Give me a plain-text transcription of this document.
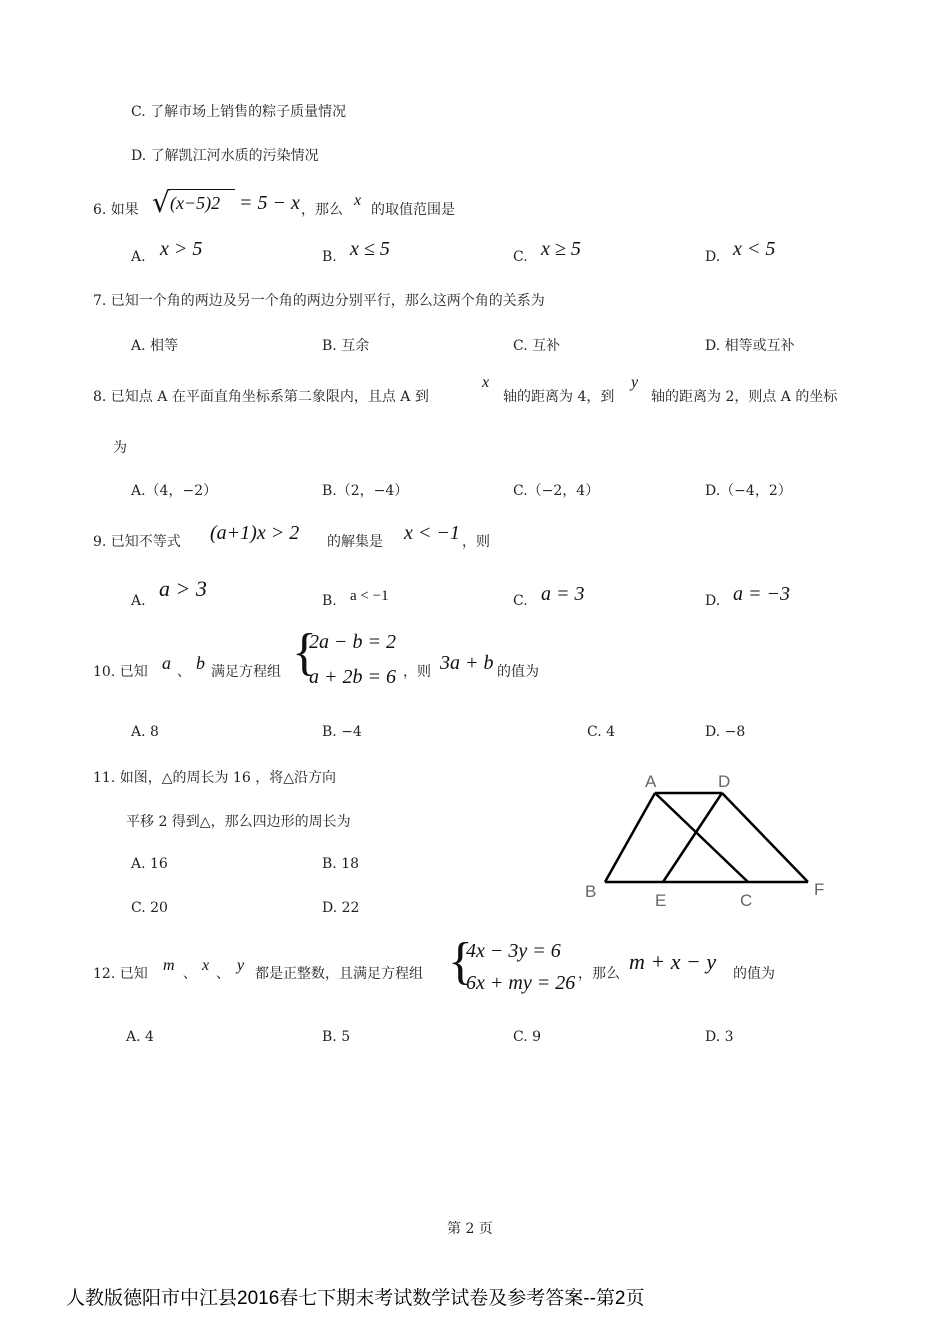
C. 了解市场上销售的粽子质量情况
D. 了解凯江河水质的污染情况
6. 如果 √ (x−5)2 = 5 − x ，那么
x
的取值范围是
A. x > 5	B. x ≤ 5	C. x ≥ 5	D. x < 5
7. 已知一个角的两边及另一个角的两边分别平行，那么这两个角的关系为
A. 相等	B. 互余	C. 互补	D. 相等或互补
8. 已知点 A 在平面直角坐标系第二象限内，且点 A 到
x
轴的距离为 4，到
y
轴的距离为 2，则点 A 的坐标
为
A.（4，−2）	B.（2，−4）	C.（−2，4）	D.（−4，2）
9. 已知不等式 (a+1)x > 2 的解集是 x < −1 ，则
A. a > 3	B. a < −1	C. a = 3	D. a = −3
10. 已知 a 、 b 满足方程组 {
2a − b = 2
a + 2b = 6 ，则 3a + b 的值为
A. 8	B. −4	C. 4	D. −8
11. 如图，△的周长为 16 ，将△沿方向
平移 2 得到△，那么四边形的周长为
A. 16	B. 18
C. 20	D. 22
A	D
B	E	C
F
12. 已知 m 、 x 、 y 都是正整数，且满足方程组 {
4x − 3y = 6
6x + my = 26 ，那么 m + x − y 的值为
A. 4	B. 5	C. 9	D. 3
第 2 页
人教版德阳市中江县2016春七下期末考试数学试卷及参考答案--第2页
